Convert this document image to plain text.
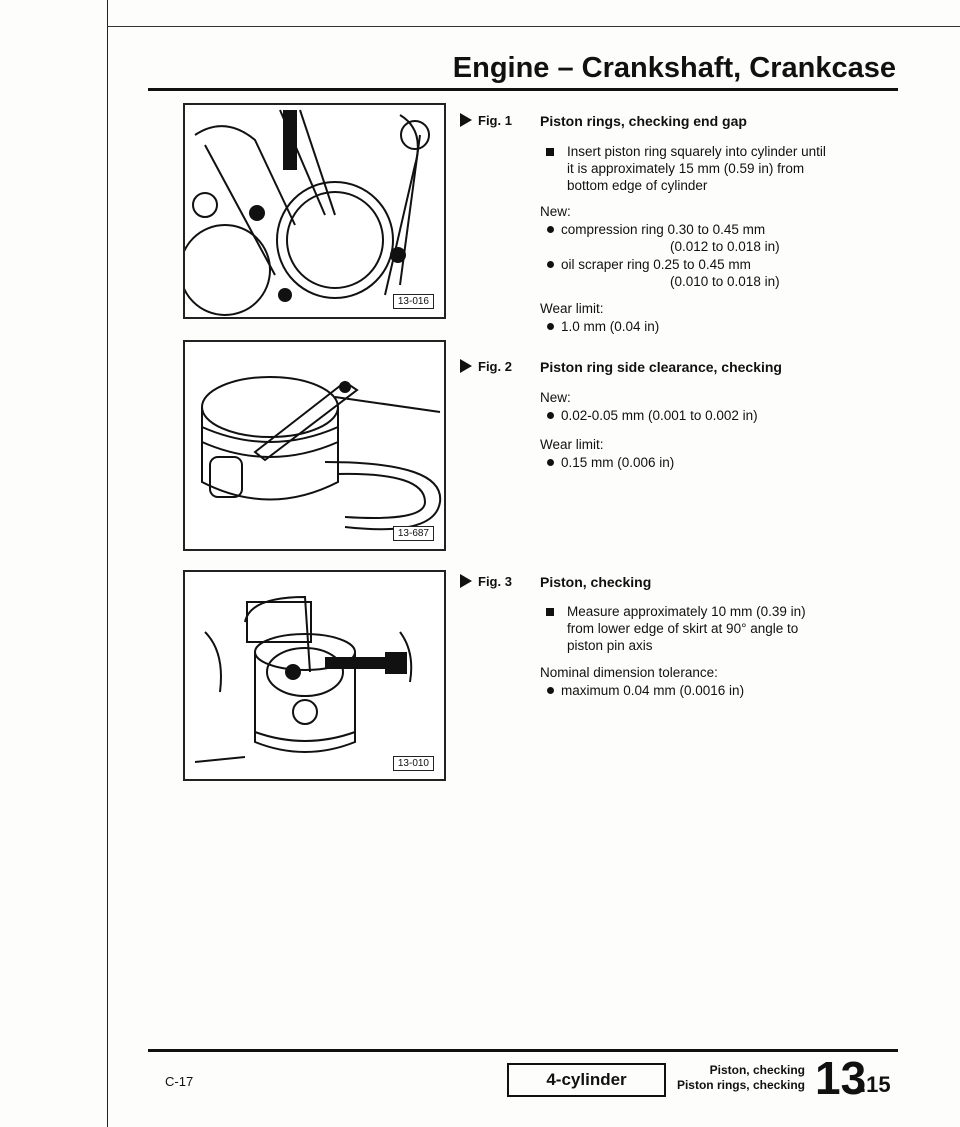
Engine – Crankshaft, Crankcase
13-016
13-687
13-010
Fig. 1 Piston rings, checking end gap
Insert piston ring squarely into cylinder until
it is approximately 15 mm (0.59 in) from
bottom edge of cylinder
New:
compression ring 0.30 to 0.45 mm
(0.012 to 0.018 in)
oil scraper ring 0.25 to 0.45 mm
(0.010 to 0.018 in)
Wear limit:
1.0 mm (0.04 in)
Fig. 2 Piston ring side clearance, checking
New:
0.02-0.05 mm (0.001 to 0.002 in)
Wear limit:
0.15 mm (0.006 in)
Fig. 3 Piston, checking
Measure approximately 10 mm (0.39 in)
from lower edge of skirt at 90° angle to
piston pin axis
Nominal dimension tolerance:
maximum 0.04 mm (0.0016 in)
C-17	4-cylinder	Piston, checking
Piston rings, checking 13
.15
